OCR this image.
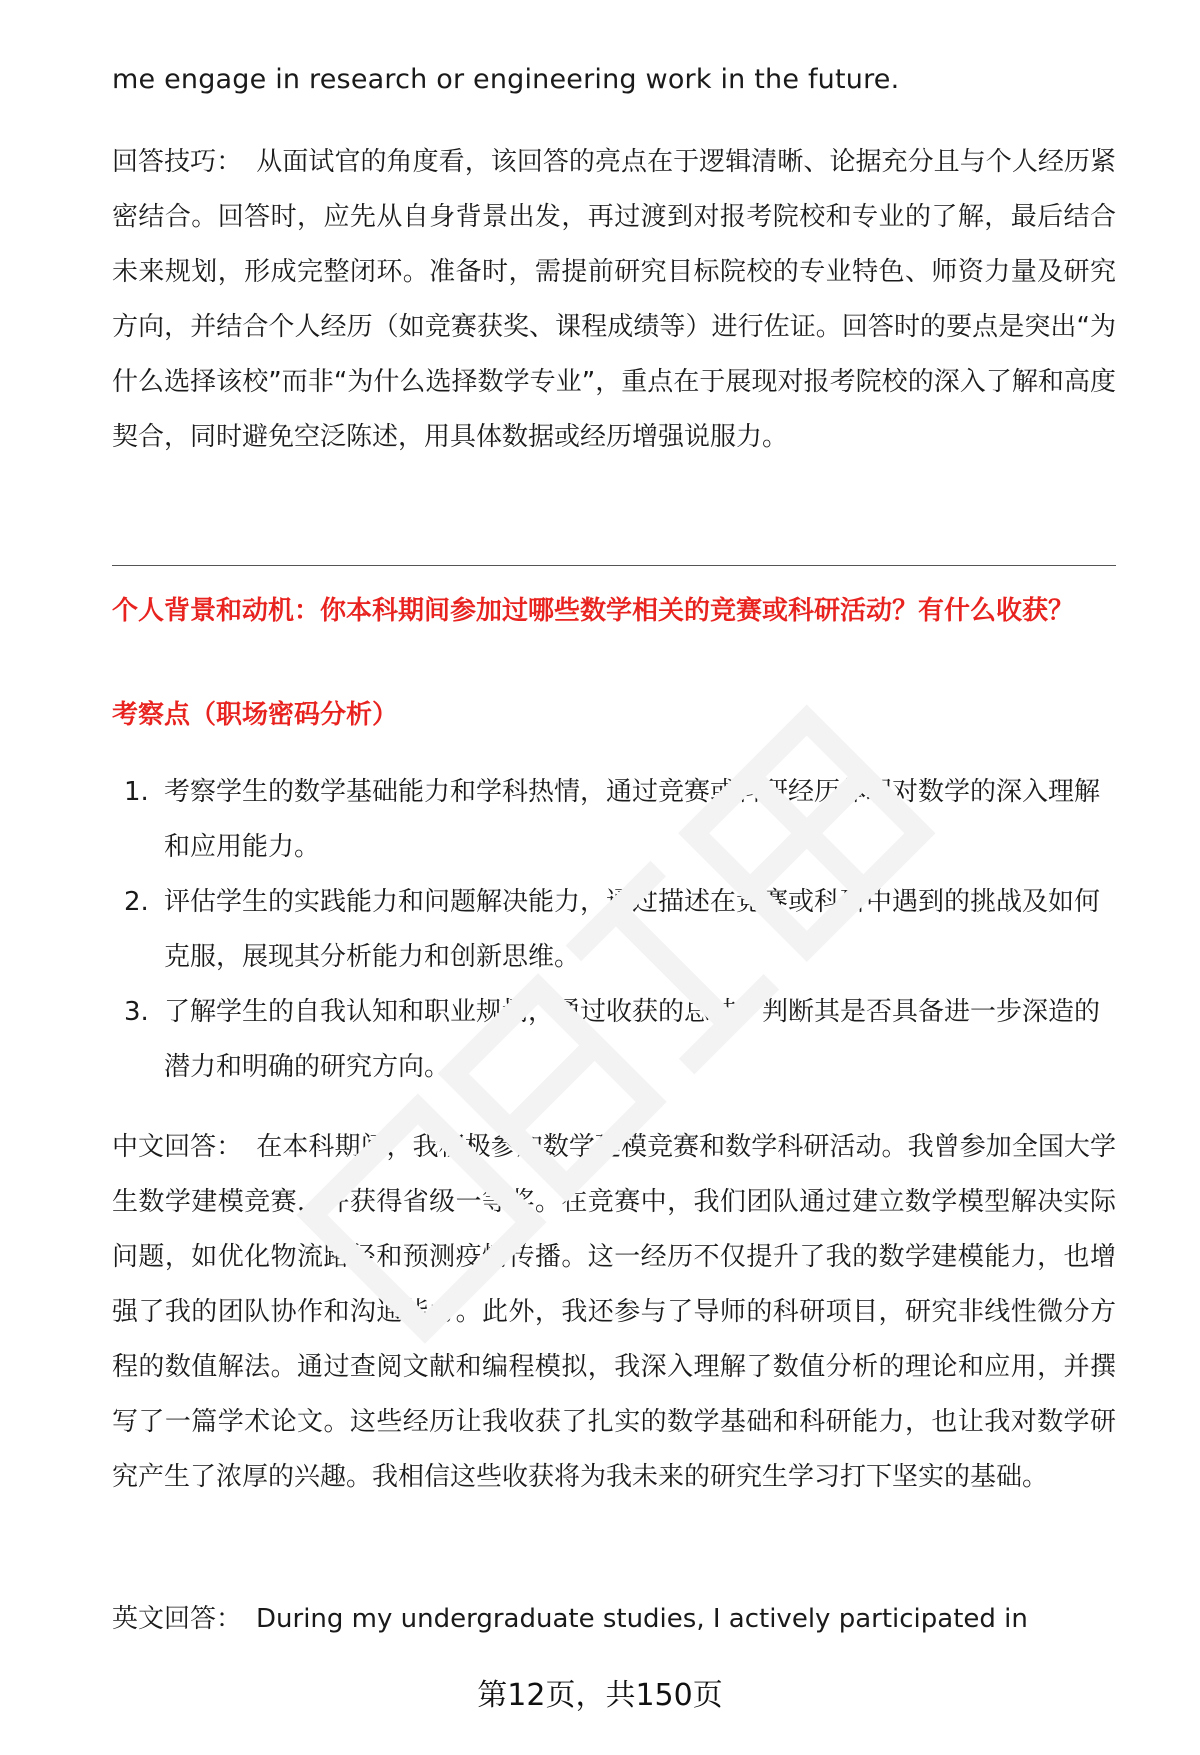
me engage in research or engineering work in the future.
回答技巧： 从面试官的角度看，该回答的亮点在于逻辑清晰、论据充分且与个人经历紧密结合。回答时，应先从自身背景出发，再过渡到对报考院校和专业的了解，最后结合未来规划，形成完整闭环。准备时，需提前研究目标院校的专业特色、师资力量及研究方向，并结合个人经历（如竞赛获奖、课程成绩等）进行佐证。回答时的要点是突出“为什么选择该校”而非“为什么选择数学专业”，重点在于展现对报考院校的深入了解和高度契合，同时避免空泛陈述，用具体数据或经历增强说服力。
个人背景和动机：你本科期间参加过哪些数学相关的竞赛或科研活动？有什么收获？
考察点（职场密码分析）
1. 考察学生的数学基础能力和学科热情，通过竞赛或科研经历体现对数学的深入理解和应用能力。
2. 评估学生的实践能力和问题解决能力，通过描述在竞赛或科研中遇到的挑战及如何克服，展现其分析能力和创新思维。
3. 了解学生的自我认知和职业规划，通过收获的总结，判断其是否具备进一步深造的潜力和明确的研究方向。
中文回答： 在本科期间，我积极参加数学建模竞赛和数学科研活动。我曾参加全国大学生数学建模竞赛，并获得省级一等奖。在竞赛中，我们团队通过建立数学模型解决实际问题，如优化物流路径和预测疫情传播。这一经历不仅提升了我的数学建模能力，也增强了我的团队协作和沟通能力。此外，我还参与了导师的科研项目，研究非线性微分方程的数值解法。通过查阅文献和编程模拟，我深入理解了数值分析的理论和应用，并撰写了一篇学术论文。这些经历让我收获了扎实的数学基础和科研能力，也让我对数学研究产生了浓厚的兴趣。我相信这些收获将为我未来的研究生学习打下坚实的基础。
英文回答： During my undergraduate studies, I actively participated in
第12页，共150页
